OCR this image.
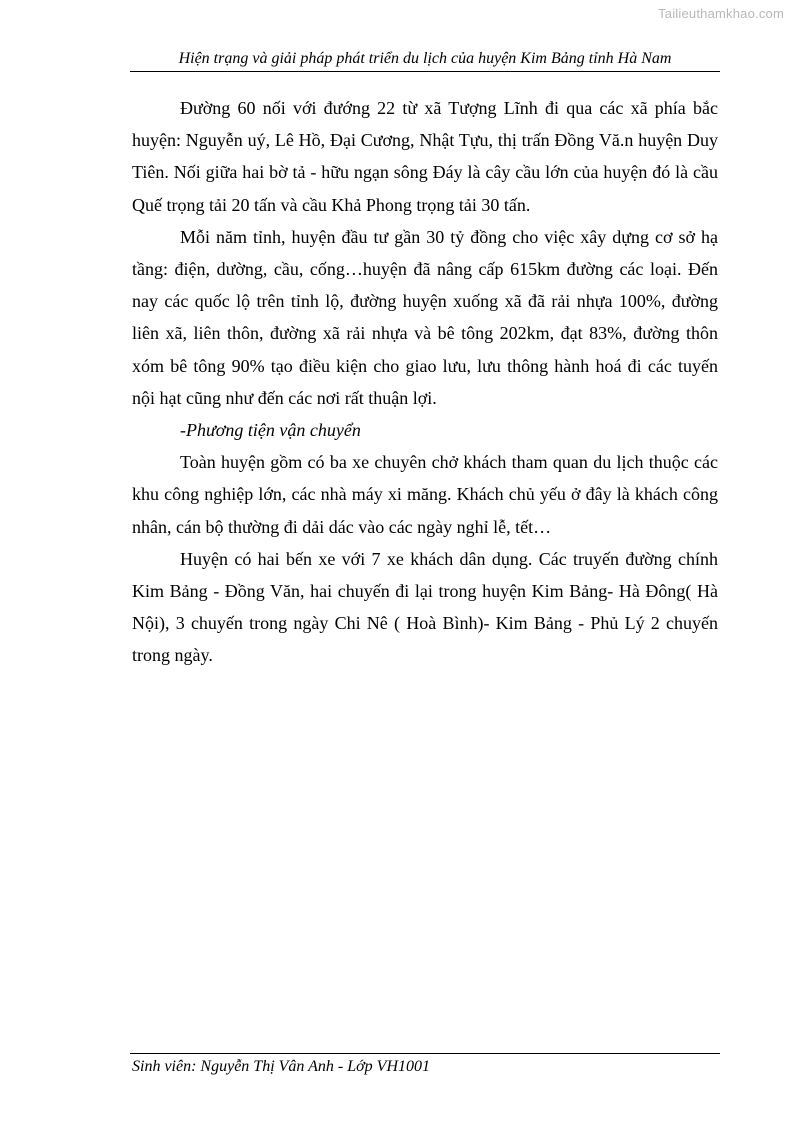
Tailieuthamkhao.com
Hiện trạng và giải pháp phát triển du lịch của huyện Kim Bảng tỉnh Hà Nam

Đường 60 nối với đướng 22 từ xã Tượng Lĩnh đi qua các xã phía bắc huyện: Nguyễn uý, Lê Hồ, Đại Cương, Nhật Tựu, thị trấn Đồng Vă.n huyện Duy Tiên. Nối giữa hai bờ tả - hữu ngạn sông Đáy là cây cầu lớn của huyện đó là cầu Quế trọng tải 20 tấn và cầu Khả Phong trọng tải 30 tấn.

Mỗi năm tỉnh, huyện đầu tư gần 30 tỷ đồng cho việc xây dựng cơ sở hạ tầng: điện, dường, cầu, cống…huyện đã nâng cấp 615km đường các loại. Đến nay các quốc lộ trên tỉnh lộ, đường huyện xuống xã đã rải nhựa 100%, đường liên xã, liên thôn, đường xã rải nhựa và bê tông 202km, đạt 83%, đường thôn xóm bê tông 90% tạo điều kiện cho giao lưu, lưu thông hành hoá đi các tuyến nội hạt cũng như đến các nơi rất thuận lợi.

-Phương tiện vận chuyển

Toàn huyện gồm có ba xe chuyên chở khách tham quan du lịch thuộc các khu công nghiệp lớn, các nhà máy xi măng. Khách chủ yếu ở đây là khách công nhân, cán bộ thường đi dải dác vào các ngày nghỉ lễ, tết…

Huyện có hai bến xe với 7 xe khách dân dụng. Các truyến đường chính Kim Bảng - Đồng Văn, hai chuyến đi lại trong huyện Kim Bảng- Hà Đông( Hà Nội), 3 chuyến trong ngày Chi Nê ( Hoà Bình)- Kim Bảng - Phủ Lý 2 chuyến trong ngày.

Sinh viên: Nguyễn Thị Vân Anh - Lớp VH1001
